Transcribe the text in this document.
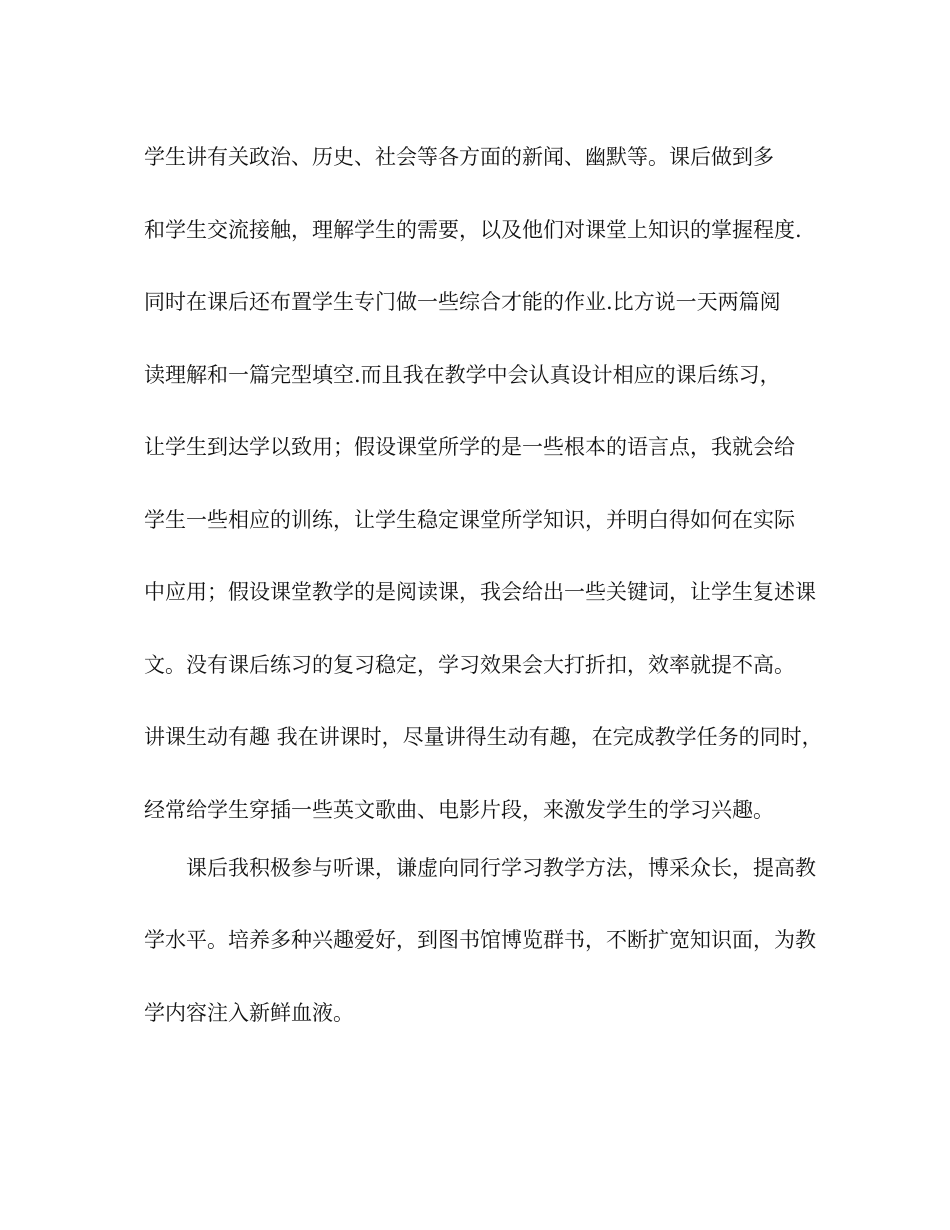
学生讲有关政治、历史、社会等各方面的新闻、幽默等。课后做到多
和学生交流接触，理解学生的需要，以及他们对课堂上知识的掌握程度.
同时在课后还布置学生专门做一些综合才能的作业.比方说一天两篇阅
读理解和一篇完型填空.而且我在教学中会认真设计相应的课后练习，
让学生到达学以致用；假设课堂所学的是一些根本的语言点，我就会给
学生一些相应的训练，让学生稳定课堂所学知识，并明白得如何在实际
中应用；假设课堂教学的是阅读课，我会给出一些关键词，让学生复述课
文。没有课后练习的复习稳定，学习效果会大打折扣，效率就提不高。
讲课生动有趣 我在讲课时，尽量讲得生动有趣，在完成教学任务的同时，
经常给学生穿插一些英文歌曲、电影片段，来激发学生的学习兴趣。
课后我积极参与听课，谦虚向同行学习教学方法，博采众长，提高教
学水平。培养多种兴趣爱好，到图书馆博览群书，不断扩宽知识面，为教
学内容注入新鲜血液。
